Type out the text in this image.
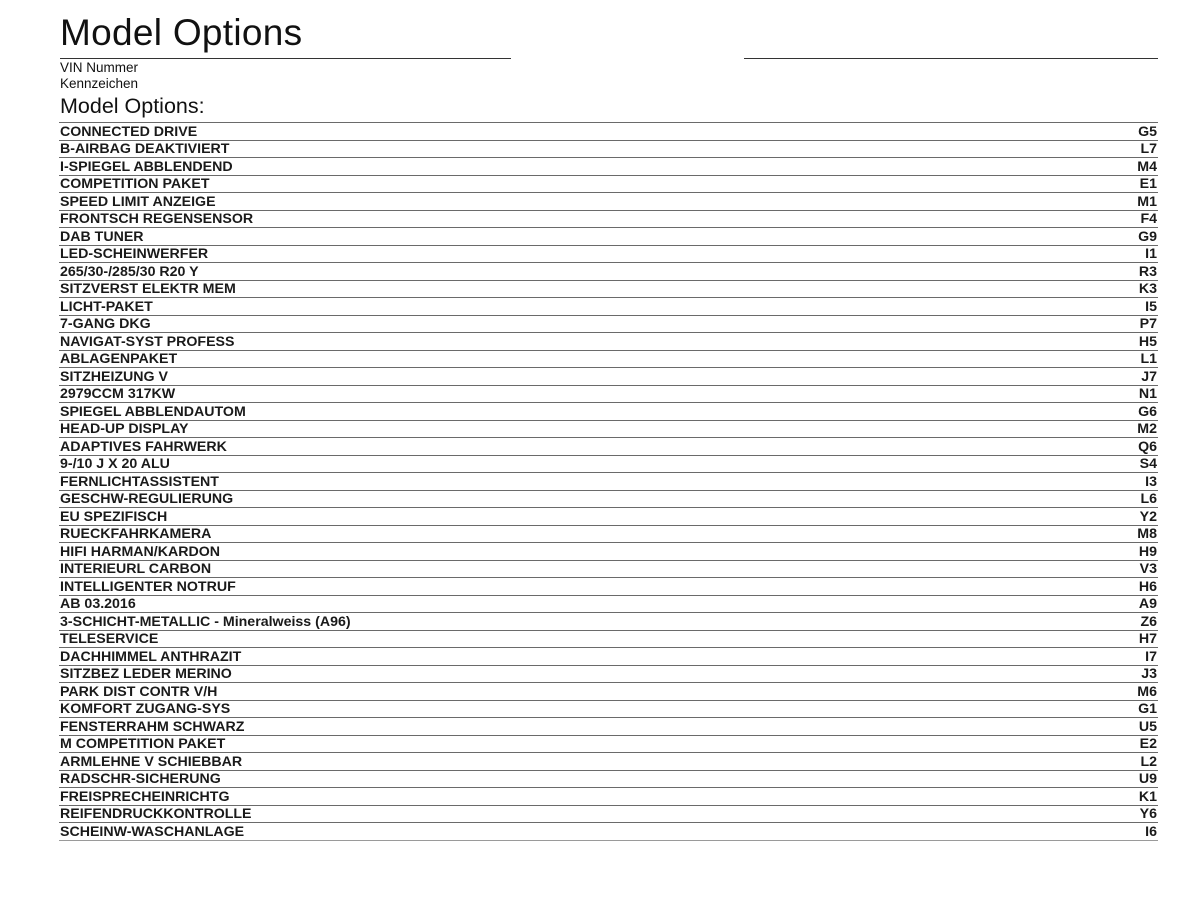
Model Options
VIN Nummer
Kennzeichen
Model Options:
CONNECTED DRIVE	G5
B-AIRBAG DEAKTIVIERT	L7
I-SPIEGEL ABBLENDEND	M4
COMPETITION PAKET	E1
SPEED LIMIT ANZEIGE	M1
FRONTSCH REGENSENSOR	F4
DAB TUNER	G9
LED-SCHEINWERFER	I1
265/30-/285/30 R20 Y	R3
SITZVERST ELEKTR MEM	K3
LICHT-PAKET	I5
7-GANG DKG	P7
NAVIGAT-SYST PROFESS	H5
ABLAGENPAKET	L1
SITZHEIZUNG V	J7
2979CCM 317KW	N1
SPIEGEL ABBLENDAUTOM	G6
HEAD-UP DISPLAY	M2
ADAPTIVES FAHRWERK	Q6
9-/10 J X 20 ALU	S4
FERNLICHTASSISTENT	I3
GESCHW-REGULIERUNG	L6
EU SPEZIFISCH	Y2
RUECKFAHRKAMERA	M8
HIFI HARMAN/KARDON	H9
INTERIEURL CARBON	V3
INTELLIGENTER NOTRUF	H6
AB 03.2016	A9
3-SCHICHT-METALLIC - Mineralweiss (A96)	Z6
TELESERVICE	H7
DACHHIMMEL ANTHRAZIT	I7
SITZBEZ LEDER MERINO	J3
PARK DIST CONTR V/H	M6
KOMFORT ZUGANG-SYS	G1
FENSTERRAHM SCHWARZ	U5
M COMPETITION PAKET	E2
ARMLEHNE V SCHIEBBAR	L2
RADSCHR-SICHERUNG	U9
FREISPRECHEINRICHTG	K1
REIFENDRUCKKONTROLLE	Y6
SCHEINW-WASCHANLAGE	I6
